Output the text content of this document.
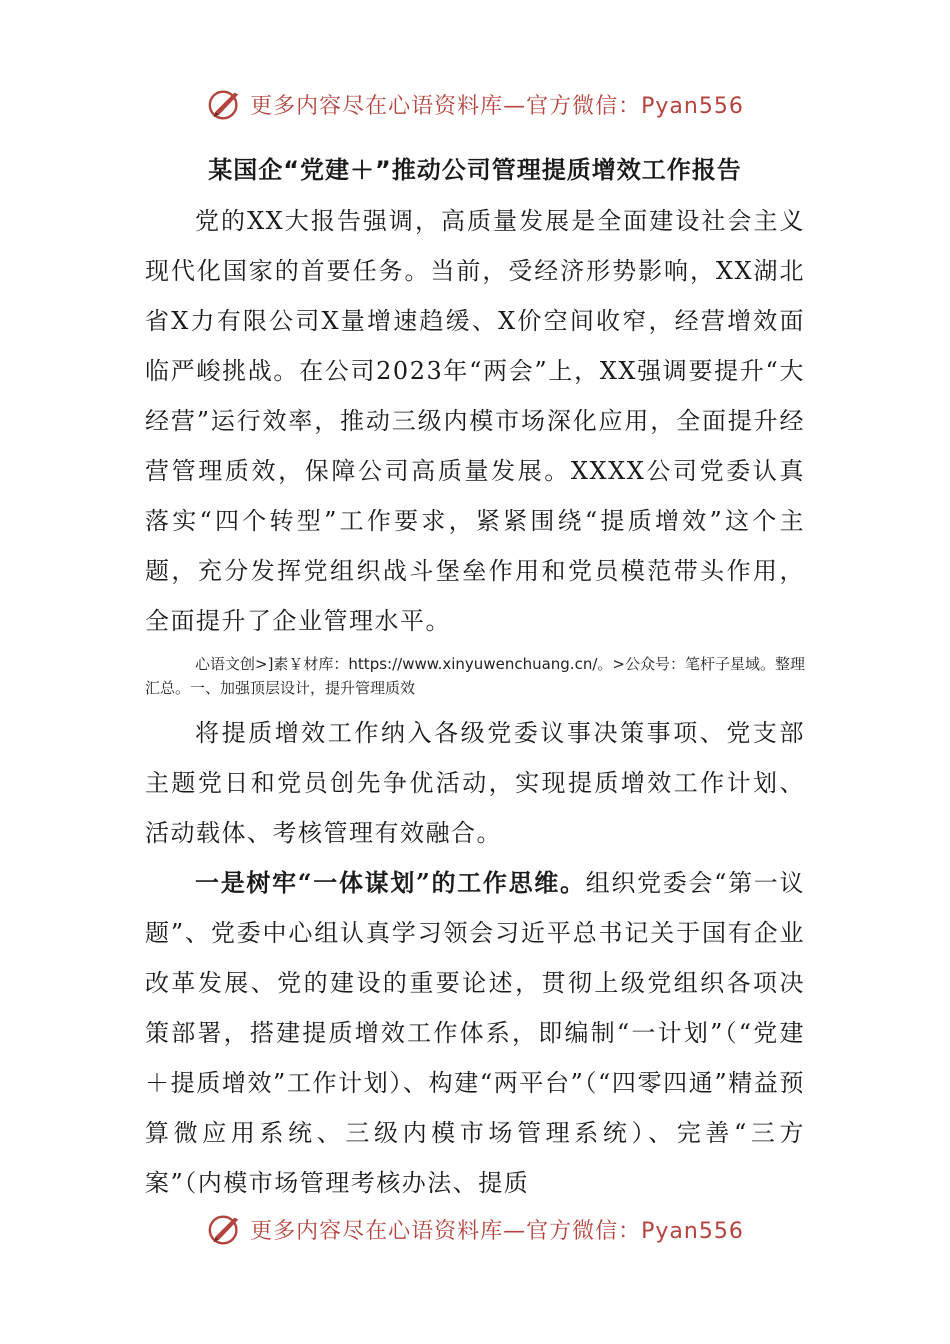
更多内容尽在心语资料库—官方微信：Pyan556
某国企“党建＋”推动公司管理提质增效工作报告

党的XX大报告强调，高质量发展是全面建设社会主义现代化国家的首要任务。当前，受经济形势影响，XX湖北省X力有限公司X量增速趋缓、X价空间收窄，经营增效面临严峻挑战。在公司2023年“两会”上，XX强调要提升“大经营”运行效率，推动三级内模市场深化应用，全面提升经营管理质效，保障公司高质量发展。XXXX公司党委认真落实“四个转型”工作要求，紧紧围绕“提质增效”这个主题，充分发挥党组织战斗堡垒作用和党员模范带头作用，全面提升了企业管理水平。

心语文创>]素￥材库：https://www.xinyuwenchuang.cn/。>公众号：笔杆子星域。整理汇总。一、加强顶层设计，提升管理质效

将提质增效工作纳入各级党委议事决策事项、党支部主题党日和党员创先争优活动，实现提质增效工作计划、活动载体、考核管理有效融合。

一是树牢“一体谋划”的工作思维。组织党委会“第一议题”、党委中心组认真学习领会习近平总书记关于国有企业改革发展、党的建设的重要论述，贯彻上级党组织各项决策部署，搭建提质增效工作体系，即编制“一计划”（“党建＋提质增效”工作计划）、构建“两平台”（“四零四通”精益预算微应用系统、三级内模市场管理系统）、完善“三方案”（内模市场管理考核办法、提质

更多内容尽在心语资料库—官方微信：Pyan556
